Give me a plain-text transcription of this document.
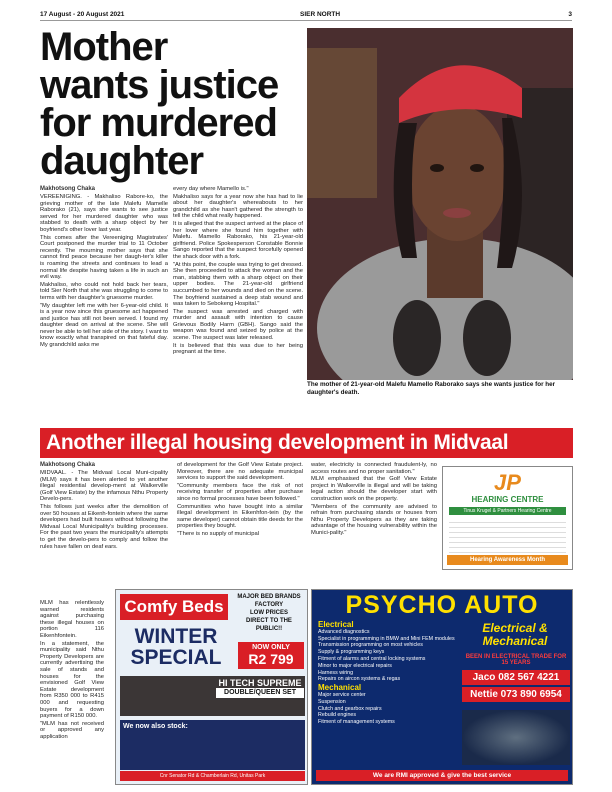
17 August - 20 August 2021	SIER NORTH	3
Mother
wants justice
for murdered
daughter
Makhotsong Chaka

VEREENIGING. - Makhaliso Rabore-ko, the grieving mother of the late Malefu Mamelle Raborako (21), says she wants to see justice served for her murdered daughter who was stabbed to death with a sharp object by her boyfriend's other lover last year.

This comes after the Vereeniging Magistrates' Court postponed the murder trial to 11 October recently. The mourning mother says that she cannot find peace because her daugh-ter's killer is roaming the streets and continues to lead a normal life despite having taken a life in such an evil way.

Makhaliso, who could not hold back her tears, told Sier North that she was struggling to come to terms with her daughter's gruesome murder.

"My daughter left me with her 6-year-old child. It is a year now since this gruesome act happened and justice has still not been served. I found my daughter dead on arrival at the scene. She will never be able to tell her side of the story. I want to know exactly what transpired on that fateful day. My grandchild asks me

every day where Mamello is."

Makhaliso says for a year now she has had to lie about her daughter's whereabouts to her grandchild as she hasn't gathered the strength to tell the child what really happened.

It is alleged that the suspect arrived at the place of her lover where she found him together with Malefu. Mamello Raborako, his 21-year-old girlfriend. Police Spokesperson Constable Bonnie Sango reported that the suspect forcefully opened the shack door with a fork.

"At this point, the couple was trying to get dressed. She then proceeded to attack the woman and the man, stabbing them with a sharp object on their upper bodies. The 21-year-old girlfriend succumbed to her wounds and died on the scene. The boyfriend sustained a deep stab wound and was taken to Sebokeng Hospital."

The suspect was arrested and charged with murder and assault with intention to cause Grievous Bodily Harm (GBH). Sango said the weapon was found and seized by police at the scene. The suspect was later released.

It is believed that this was due to her being pregnant at the time.

The mother of 21-year-old Malefu Mamello Raborako says she wants justice for her daughter's death.
Another illegal housing development in Midvaal
Makhotsong Chaka

MIDVAAL. - The Midvaal Local Muni-cipality (MLM) says it has been alerted to yet another illegal residential develop-ment at Walkerville (Golf View Estate) by the infamous Nthu Property Develo-pers.

This follows just weeks after the demolition of over 50 houses at Eikenh-fontein where the same developers had built houses without following the Midvaal Local Municipality's building processes. For the past two years the municipality's attempts to get the develo-pers to comply and follow the rules have fallen on deaf ears.

MLM has relentlessly warned residents against purchasing these illegal houses on portion 116 Eikenhfontein.

In a statement, the municipality said Nthu Property Developers are currently advertising the sale of stands and houses for the envisioned Golf View Estate development from R350 000 to R415 000 and requesting buyers for a down payment of R150 000.

"MLM has not received or approved any application

of development for the Golf View Estate project. Moreover, there are no adequate municipal services to support the said development.

"Community members face the risk of not receiving transfer of properties after purchase since no formal processes have been followed."

Communities who have bought into a similar illegal development in Eikenhfon-tein (by the same developer) cannot obtain title deeds for the properties they bought.

"There is no supply of municipal

water, electricity is connected fraudulent-ly, no access routes and no proper sanitation."

MLM emphasised that the Golf View Estate project in Walkerville is illegal and will be taking legal action should the developer start with construction work on the property.

"Members of the community are advised to refrain from purchasing stands or houses from Nthu Property Developers as they are taking advantage of the housing vulnerability within the Munici-pality."

JP
HEARING CENTRE
Tinus Krugel & Partners Hearing Centre
Hearing Awareness Month
Comfy Beds	MAJOR BED BRANDS
FACTORY
LOW PRICES
DIRECT TO THE
PUBLIC!!
WINTER
SPECIAL	NOW ONLY
R2 799
HI TECH SUPREME
DOUBLE/QUEEN SET
We now also stock:
Cnr Senator Rd & Chamberlain Rd, Unitas Park
PSYCHO AUTO
Electrical
Advanced diagnostics
Specialist in programming in BMW and Mini FEM modules
Transmission programming on most vehicles
Supply & programming keys
Fitment of alarms and central locking systems
Minor to major electrical repairs
Harness wiring
Repairs on aircon systems & regas
Mechanical
Major service center
Suspension
Clutch and gearbox repairs
Rebuild engines
Fitment of management systems
Electrical & Mechanical
BEEN IN ELECTRICAL TRADE FOR 15 YEARS
Jaco 082 567 4221
Nettie 073 890 6954
We are RMI approved & give the best service
